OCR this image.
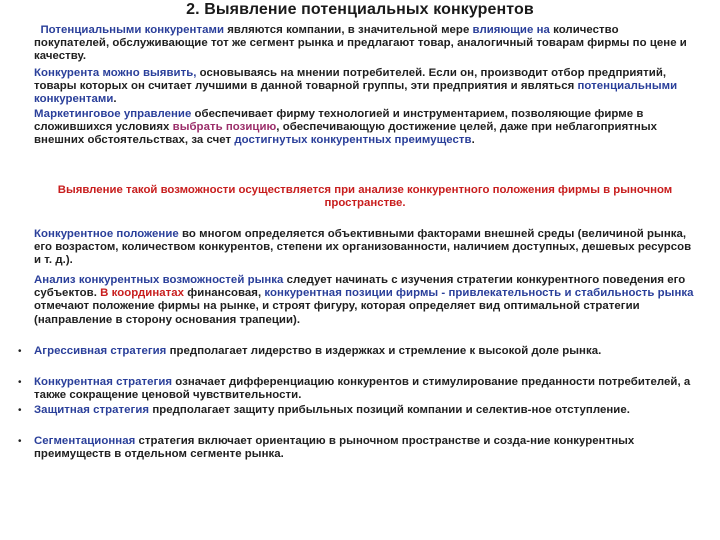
2. Выявление потенциальных конкурентов

Потенциальными конкурентами являются компании, в значительной мере влияющие на количество покупателей, обслуживающие тот же сегмент рынка и предлагают товар, аналогичный товарам фирмы по цене и качеству.

Конкурента можно выявить, основываясь на мнении потребителей. Если он, производит отбор предприятий, товары которых он считает лучшими в данной товарной группы, эти предприятия и являться потенциальными конкурентами.

Маркетинговое управление обеспечивает фирму технологией и инструментарием, позволяющие фирме в сложившихся условиях выбрать позицию, обеспечивающую достижение целей, даже при неблагоприятных внешних обстоятельствах, за счет достигнутых конкурентных преимуществ.

Выявление такой возможности осуществляется при анализе конкурентного положения фирмы в рыночном пространстве.

Конкурентное положение во многом определяется объективными факторами внешней среды (величиной рынка, его возрастом, количеством конкурентов, степени их организованности, наличием доступных, дешевых ресурсов и т. д.).

Анализ конкурентных возможностей рынка следует начинать с изучения стратегии конкурентного поведения его субъектов. В координатах финансовая, конкурентная позиции фирмы - привлекательность и стабильность рынка отмечают положение фирмы на рынке, и строят фигуру, которая определяет вид оптимальной стратегии (направление в сторону основания трапеции).

• Агрессивная стратегия предполагает лидерство в издержках и стремление к высокой доле рынка.

• Конкурентная стратегия означает дифференциацию конкурентов и стимулирование преданности потребителей, а также сокращение ценовой чувствительности.

• Защитная стратегия предполагает защиту прибыльных позиций компании и селектив-ное отступление.

• Сегментационная стратегия включает ориентацию в рыночном пространстве и созда-ние конкурентных преимуществ в отдельном сегменте рынка.
